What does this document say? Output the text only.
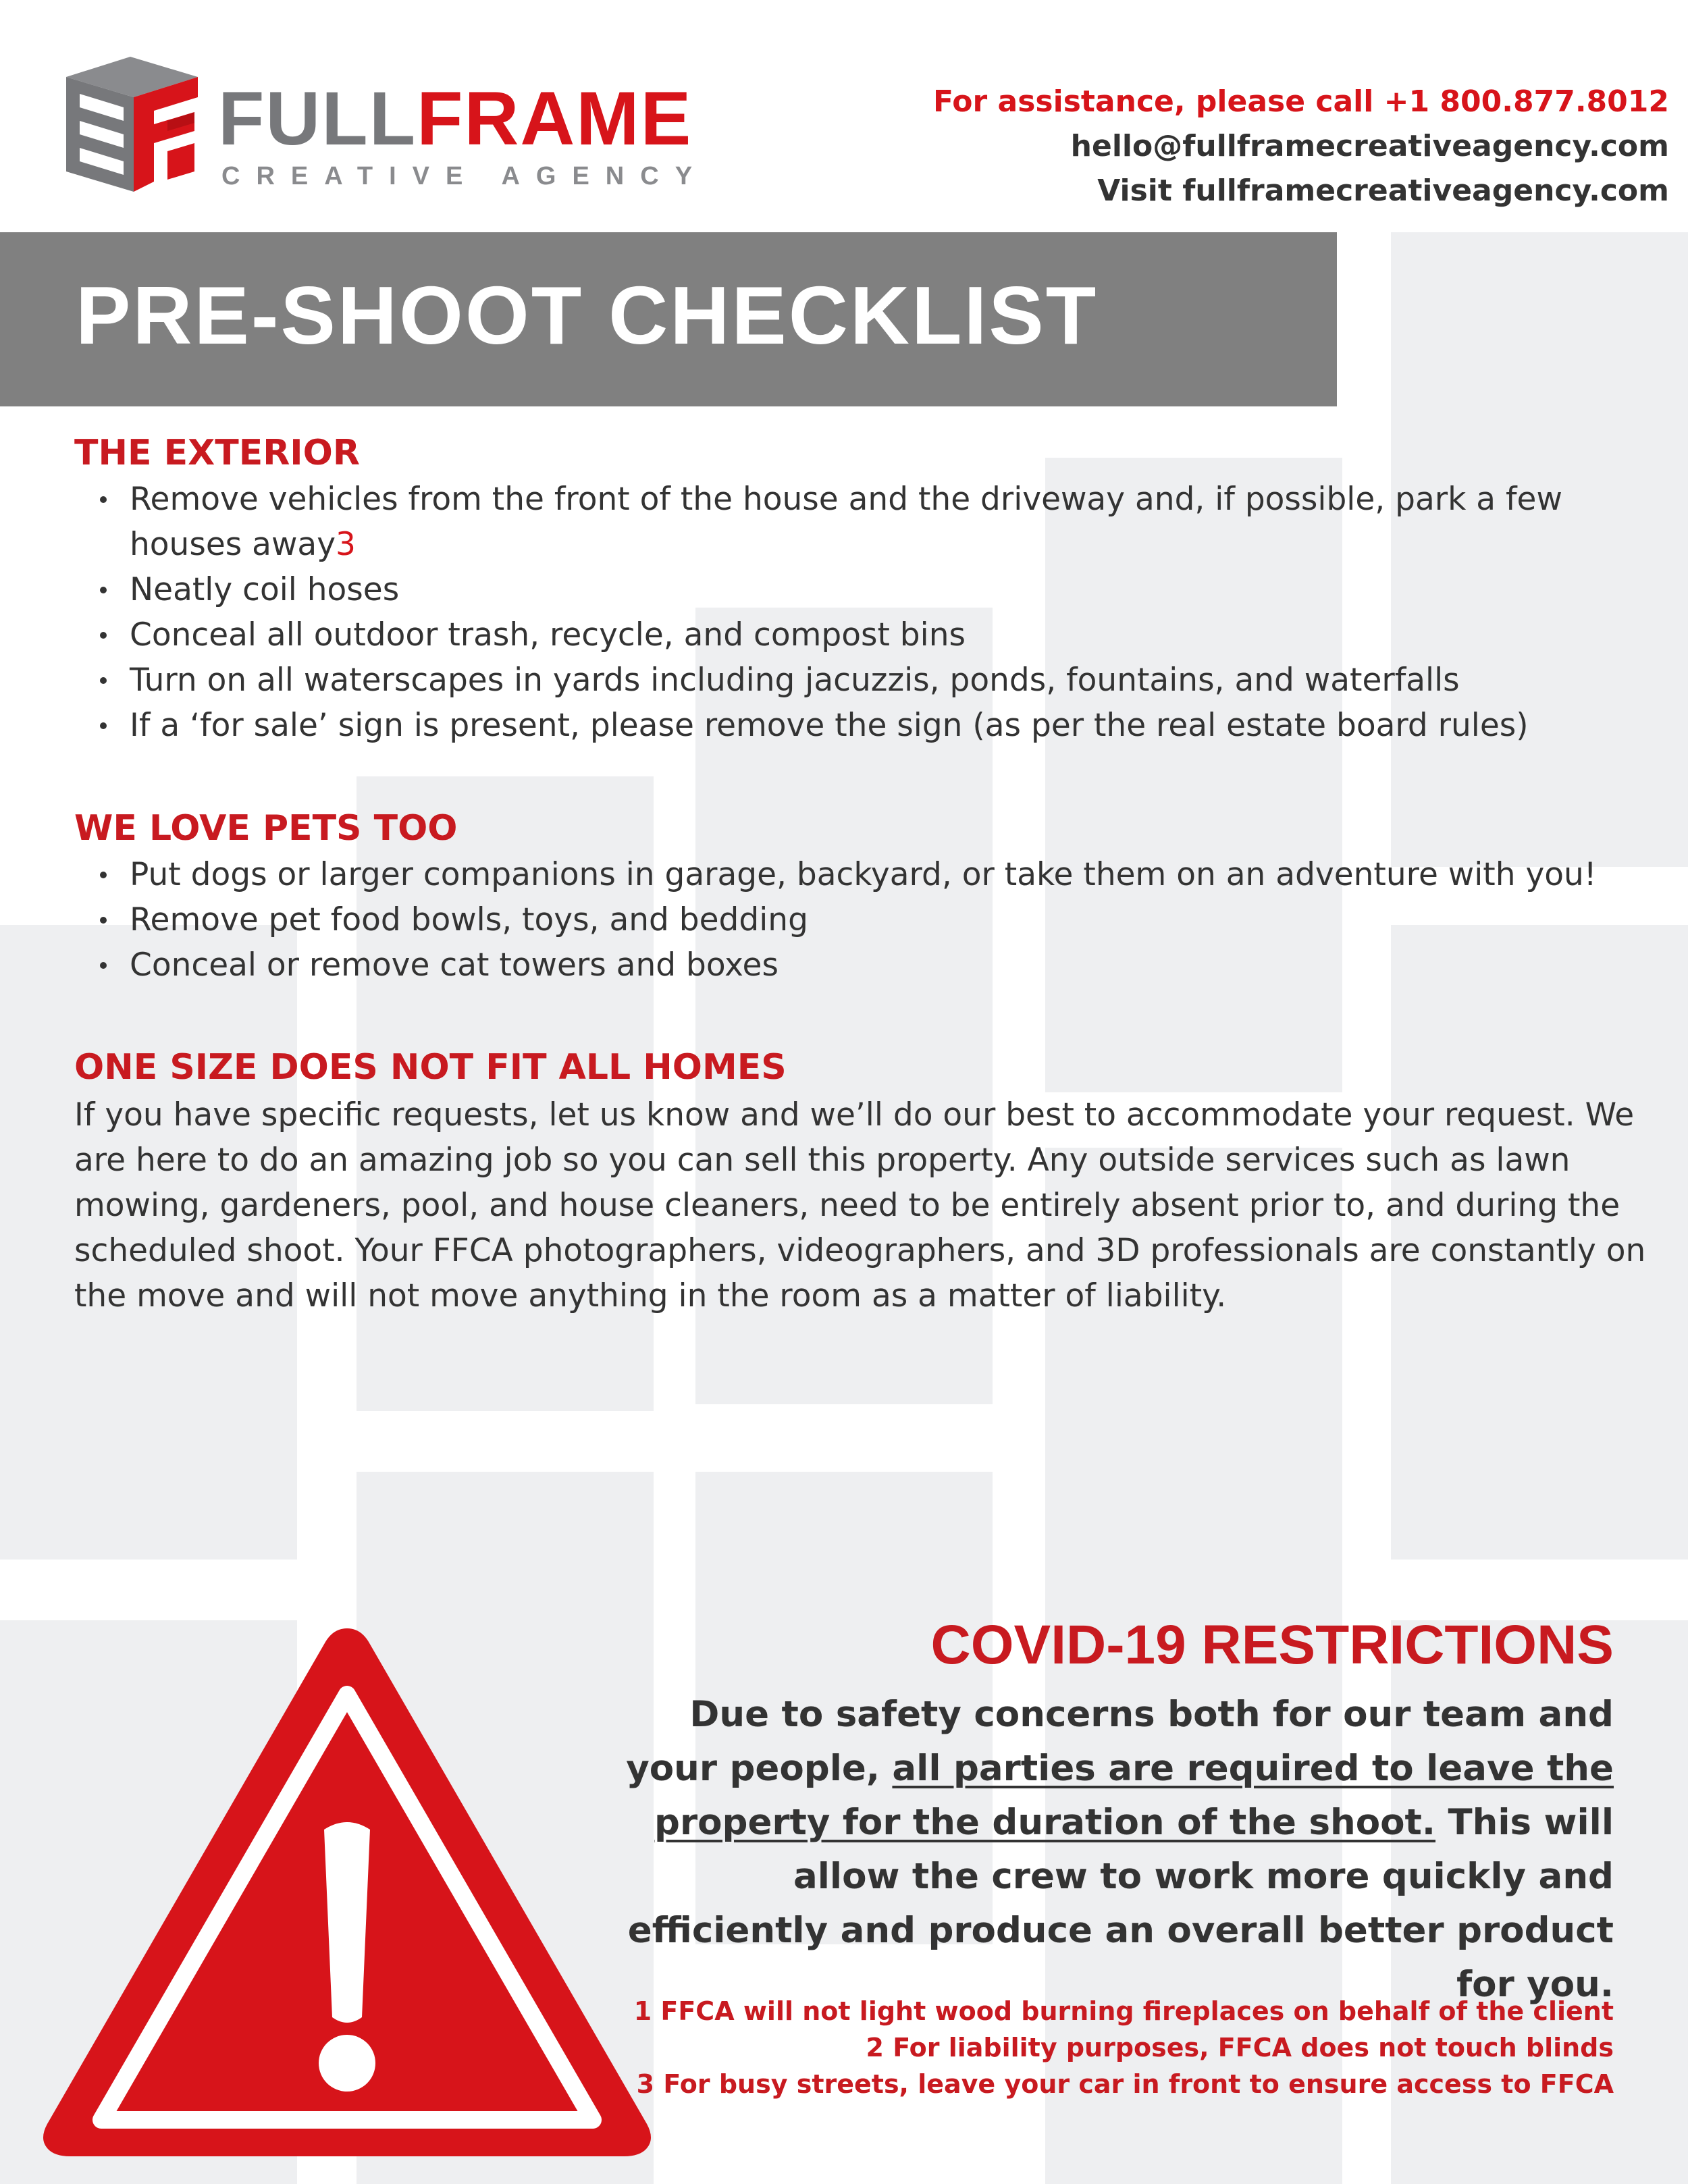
FULLFRAME
CREATIVE AGENCY
For assistance, please call +1 800.877.8012
hello@fullframecreativeagency.com
Visit fullframecreativeagency.com
PRE-SHOOT CHECKLIST
THE EXTERIOR
Remove vehicles from the front of the house and the driveway and, if possible, park a few houses away3
Neatly coil hoses
Conceal all outdoor trash, recycle, and compost bins
Turn on all waterscapes in yards including jacuzzis, ponds, fountains, and waterfalls
If a ‘for sale’ sign is present, please remove the sign (as per the real estate board rules)
WE LOVE PETS TOO
Put dogs or larger companions in garage, backyard, or take them on an adventure with you!
Remove pet food bowls, toys, and bedding
Conceal or remove cat towers and boxes
ONE SIZE DOES NOT FIT ALL HOMES

If you have specific requests, let us know and we’ll do our best to accommodate your request. We are here to do an amazing job so you can sell this property. Any outside services such as lawn mowing, gardeners, pool, and house cleaners, need to be entirely absent prior to, and during the scheduled shoot. Your FFCA photographers, videographers, and 3D professionals are constantly on the move and will not move anything in the room as a matter of liability.

COVID-19 RESTRICTIONS
Due to safety concerns both for our team and your people, all parties are required to leave the property for the duration of the shoot. This will allow the crew to work more quickly and efficiently and produce an overall better product for you.
1 FFCA will not light wood burning fireplaces on behalf of the client
2 For liability purposes, FFCA does not touch blinds
3 For busy streets, leave your car in front to ensure access to FFCA
